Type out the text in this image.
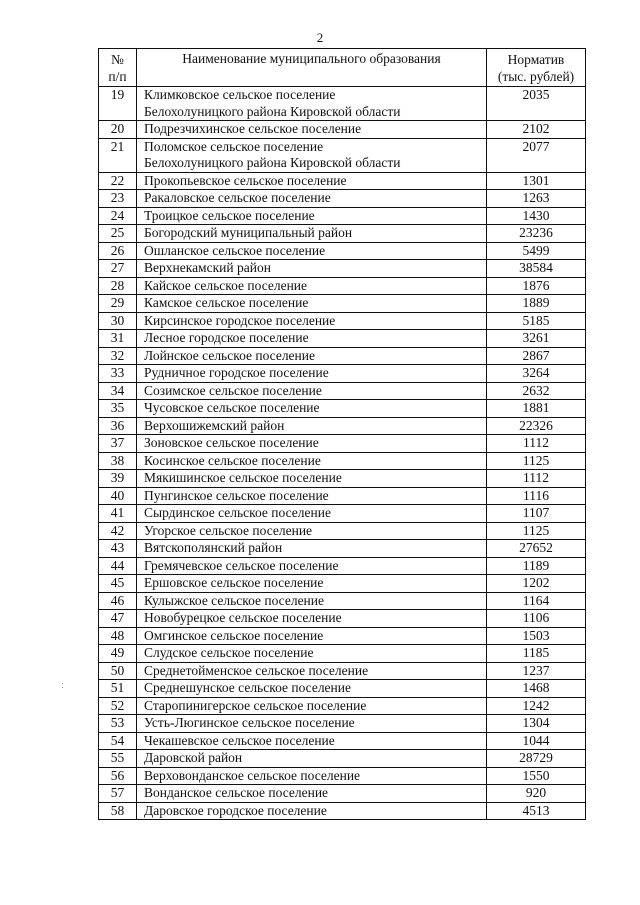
2
№
п/п	Наименование муниципального образования	Норматив
(тыс. рублей)
19	Климковское сельское поселение
Белохолуницкого района Кировской области	2035
20	Подрезчихинское сельское поселение	2102
21	Поломское сельское поселение
Белохолуницкого района Кировской области	2077
22	Прокопьевское сельское поселение	1301
23	Ракаловское сельское поселение	1263
24	Троицкое сельское поселение	1430
25	Богородский муниципальный район	23236
26	Ошланское сельское поселение	5499
27	Верхнекамский район	38584
28	Кайское сельское поселение	1876
29	Камское сельское поселение	1889
30	Кирсинское городское поселение	5185
31	Лесное городское поселение	3261
32	Лойнское сельское поселение	2867
33	Рудничное городское поселение	3264
34	Созимское сельское поселение	2632
35	Чусовское сельское поселение	1881
36	Верхошижемский район	22326
37	Зоновское сельское поселение	1112
38	Косинское сельское поселение	1125
39	Мякишинское сельское поселение	1112
40	Пунгинское сельское поселение	1116
41	Сырдинское сельское поселение	1107
42	Угорское сельское поселение	1125
43	Вятскополянский район	27652
44	Гремячевское сельское поселение	1189
45	Ершовское сельское поселение	1202
46	Кулыжское сельское поселение	1164
47	Новобурецкое сельское поселение	1106
48	Омгинское сельское поселение	1503
49	Слудское сельское поселение	1185
50	Среднетойменское сельское поселение	1237
51	Среднешунское сельское поселение	1468
52	Старопинигерское сельское поселение	1242
53	Усть-Люгинское сельское поселение	1304
54	Чекашевское сельское поселение	1044
55	Даровской район	28729
56	Верховонданское сельское поселение	1550
57	Вонданское сельское поселение	920
58	Даровское городское поселение	4513
